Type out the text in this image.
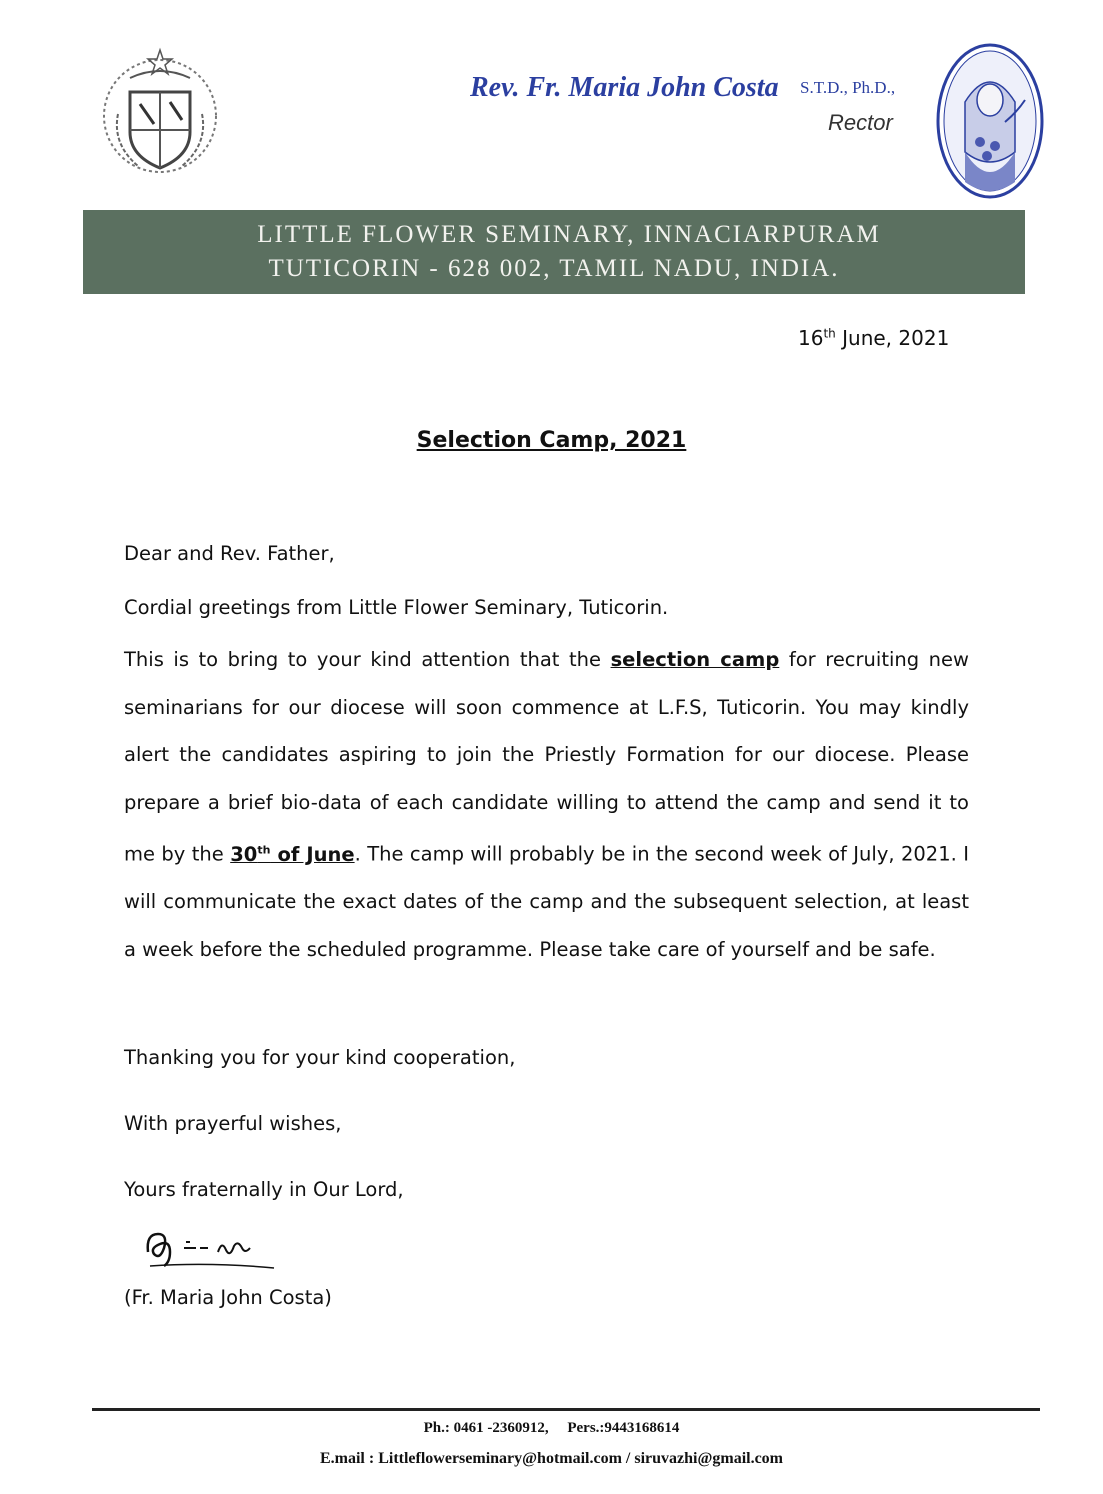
Rev. Fr. Maria John Costa S.T.D., Ph.D.,
Rector
LITTLE FLOWER SEMINARY, INNACIARPURAM
TUTICORIN - 628 002, TAMIL NADU, INDIA.
16th June, 2021
Selection Camp, 2021
Dear and Rev. Father,
Cordial greetings from Little Flower Seminary, Tuticorin.
This is to bring to your kind attention that the selection camp for recruiting new seminarians for our diocese will soon commence at L.F.S, Tuticorin. You may kindly alert the candidates aspiring to join the Priestly Formation for our diocese. Please prepare a brief bio-data of each candidate willing to attend the camp and send it to me by the 30th of June. The camp will probably be in the second week of July, 2021. I will communicate the exact dates of the camp and the subsequent selection, at least a week before the scheduled programme. Please take care of yourself and be safe.
Thanking you for your kind cooperation,
With prayerful wishes,
Yours fraternally in Our Lord,
(Fr. Maria John Costa)
Ph.: 0461 -2360912,     Pers.:9443168614
E.mail : Littleflowerseminary@hotmail.com / siruvazhi@gmail.com
